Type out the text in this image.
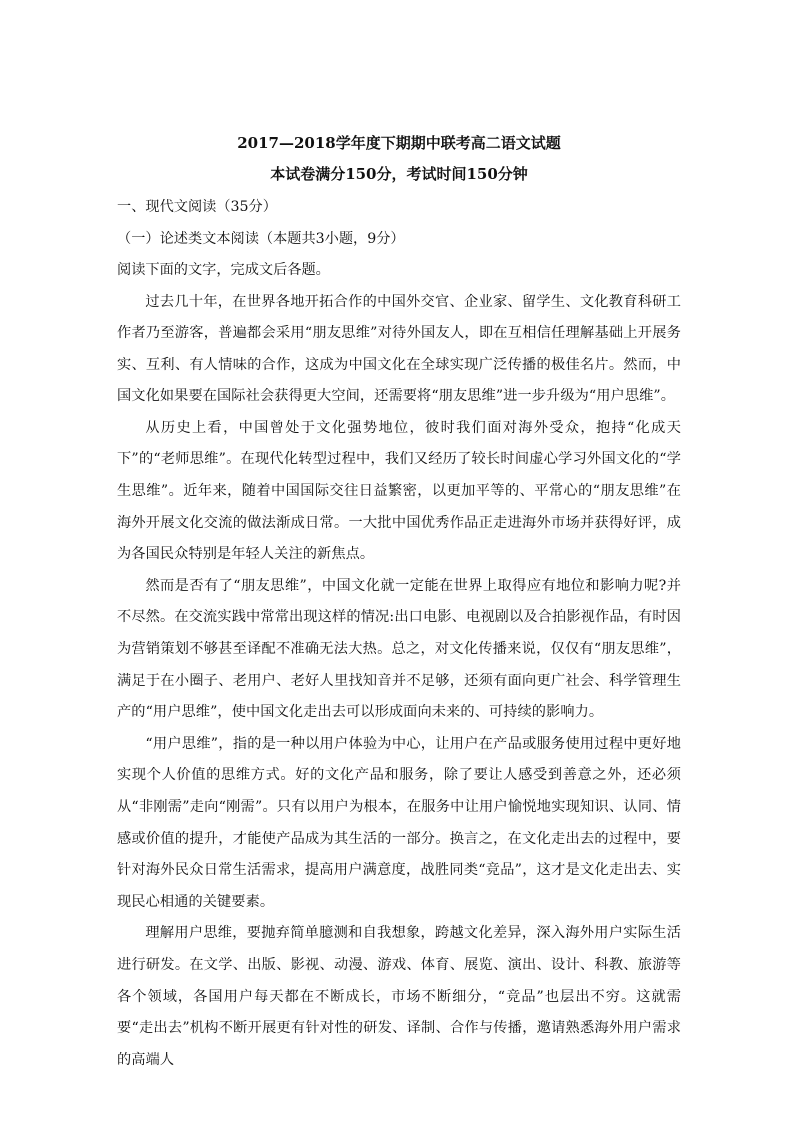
2017—2018学年度下期期中联考高二语文试题

本试卷满分150分，考试时间150分钟

一、现代文阅读（35分）

（一）论述类文本阅读（本题共3小题，9分）

阅读下面的文字，完成文后各题。

过去几十年，在世界各地开拓合作的中国外交官、企业家、留学生、文化教育科研工作者乃至游客，普遍都会采用“朋友思维”对待外国友人，即在互相信任理解基础上开展务实、互利、有人情味的合作，这成为中国文化在全球实现广泛传播的极佳名片。然而，中国文化如果要在国际社会获得更大空间，还需要将“朋友思维”进一步升级为“用户思维”。

从历史上看，中国曾处于文化强势地位，彼时我们面对海外受众，抱持“化成天下”的“老师思维”。在现代化转型过程中，我们又经历了较长时间虚心学习外国文化的“学生思维”。近年来，随着中国国际交往日益繁密，以更加平等的、平常心的“朋友思维”在海外开展文化交流的做法渐成日常。一大批中国优秀作品正走进海外市场并获得好评，成为各国民众特别是年轻人关注的新焦点。

然而是否有了“朋友思维”，中国文化就一定能在世界上取得应有地位和影响力呢?并不尽然。在交流实践中常常出现这样的情况:出口电影、电视剧以及合拍影视作品，有时因为营销策划不够甚至译配不准确无法大热。总之，对文化传播来说，仅仅有“朋友思维”，满足于在小圈子、老用户、老好人里找知音并不足够，还须有面向更广社会、科学管理生产的“用户思维”，使中国文化走出去可以形成面向未来的、可持续的影响力。

“用户思维”，指的是一种以用户体验为中心，让用户在产品或服务使用过程中更好地实现个人价值的思维方式。好的文化产品和服务，除了要让人感受到善意之外，还必须从“非刚需”走向“刚需”。只有以用户为根本，在服务中让用户愉悦地实现知识、认同、情感或价值的提升，才能使产品成为其生活的一部分。换言之，在文化走出去的过程中，要针对海外民众日常生活需求，提高用户满意度，战胜同类“竞品”，这才是文化走出去、实现民心相通的关键要素。

理解用户思维，要抛弃简单臆测和自我想象，跨越文化差异，深入海外用户实际生活进行研发。在文学、出版、影视、动漫、游戏、体育、展览、演出、设计、科教、旅游等各个领域，各国用户每天都在不断成长，市场不断细分，“竞品”也层出不穷。这就需要“走出去”机构不断开展更有针对性的研发、译制、合作与传播，邀请熟悉海外用户需求的高端人
